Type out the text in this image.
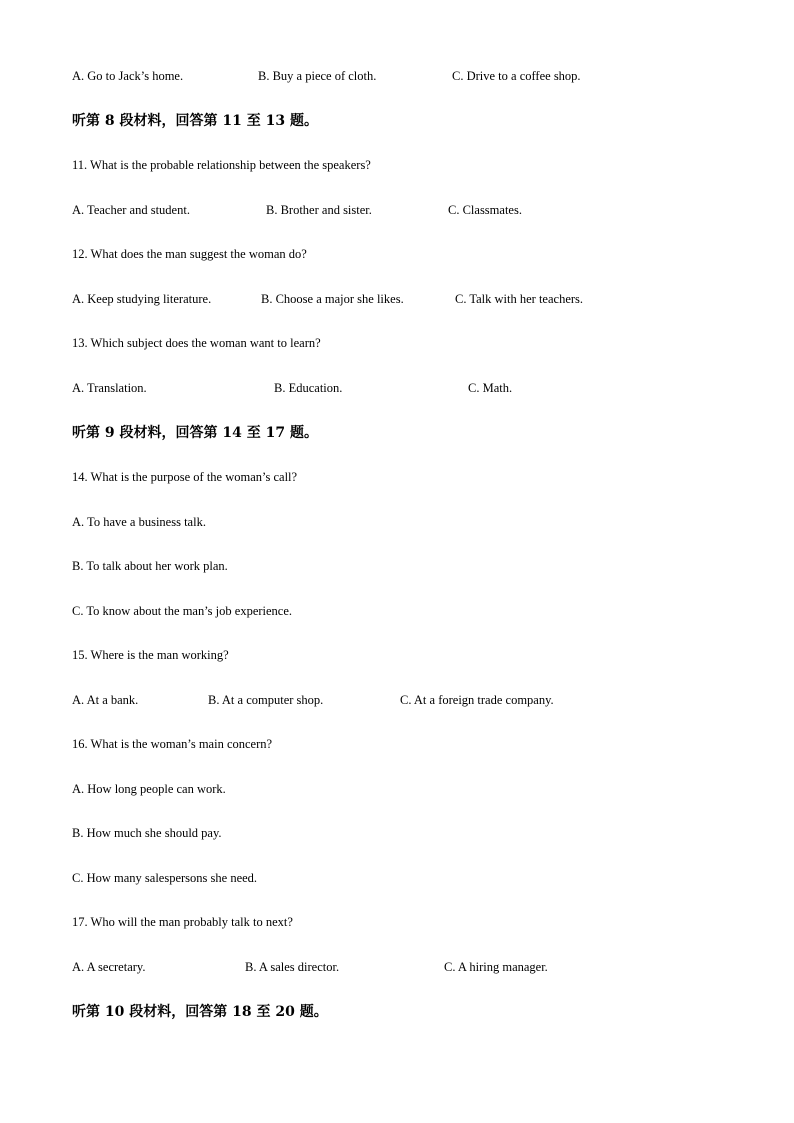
A. Go to Jack’s home.	B. Buy a piece of cloth.	C. Drive to a coffee shop.
听第 8 段材料，回答第 11 至 13 题。
11. What is the probable relationship between the speakers?
A. Teacher and student.	B. Brother and sister.	C. Classmates.
12. What does the man suggest the woman do?
A. Keep studying literature.	B. Choose a major she likes.	C. Talk with her teachers.
13. Which subject does the woman want to learn?
A. Translation.	B. Education.	C. Math.
听第 9 段材料，回答第 14 至 17 题。
14. What is the purpose of the woman’s call?
A. To have a business talk.
B. To talk about her work plan.
C. To know about the man’s job experience.
15. Where is the man working?
A. At a bank.	B. At a computer shop.	C. At a foreign trade company.
16. What is the woman’s main concern?
A. How long people can work.
B. How much she should pay.
C. How many salespersons she need.
17. Who will the man probably talk to next?
A. A secretary.	B. A sales director.	C. A hiring manager.
听第 10 段材料，回答第 18 至 20 题。
